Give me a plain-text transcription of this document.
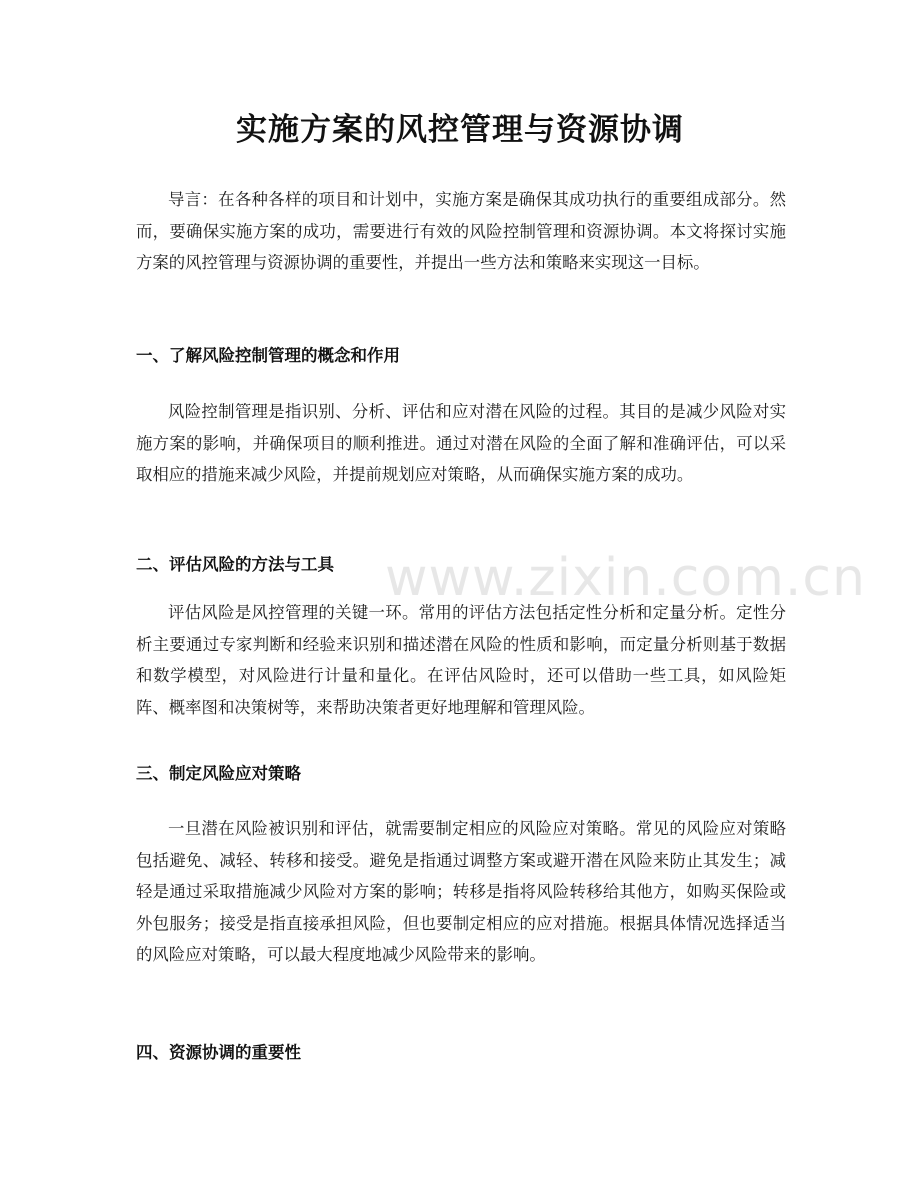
实施方案的风控管理与资源协调

导言：在各种各样的项目和计划中，实施方案是确保其成功执行的重要组成部分。然而，要确保实施方案的成功，需要进行有效的风险控制管理和资源协调。本文将探讨实施方案的风控管理与资源协调的重要性，并提出一些方法和策略来实现这一目标。

一、了解风险控制管理的概念和作用

风险控制管理是指识别、分析、评估和应对潜在风险的过程。其目的是减少风险对实施方案的影响，并确保项目的顺利推进。通过对潜在风险的全面了解和准确评估，可以采取相应的措施来减少风险，并提前规划应对策略，从而确保实施方案的成功。

二、评估风险的方法与工具

评估风险是风控管理的关键一环。常用的评估方法包括定性分析和定量分析。定性分析主要通过专家判断和经验来识别和描述潜在风险的性质和影响，而定量分析则基于数据和数学模型，对风险进行计量和量化。在评估风险时，还可以借助一些工具，如风险矩阵、概率图和决策树等，来帮助决策者更好地理解和管理风险。

三、制定风险应对策略

一旦潜在风险被识别和评估，就需要制定相应的风险应对策略。常见的风险应对策略包括避免、减轻、转移和接受。避免是指通过调整方案或避开潜在风险来防止其发生；减轻是通过采取措施减少风险对方案的影响；转移是指将风险转移给其他方，如购买保险或外包服务；接受是指直接承担风险，但也要制定相应的应对措施。根据具体情况选择适当的风险应对策略，可以最大程度地减少风险带来的影响。

四、资源协调的重要性
www.zixin.com.cn
